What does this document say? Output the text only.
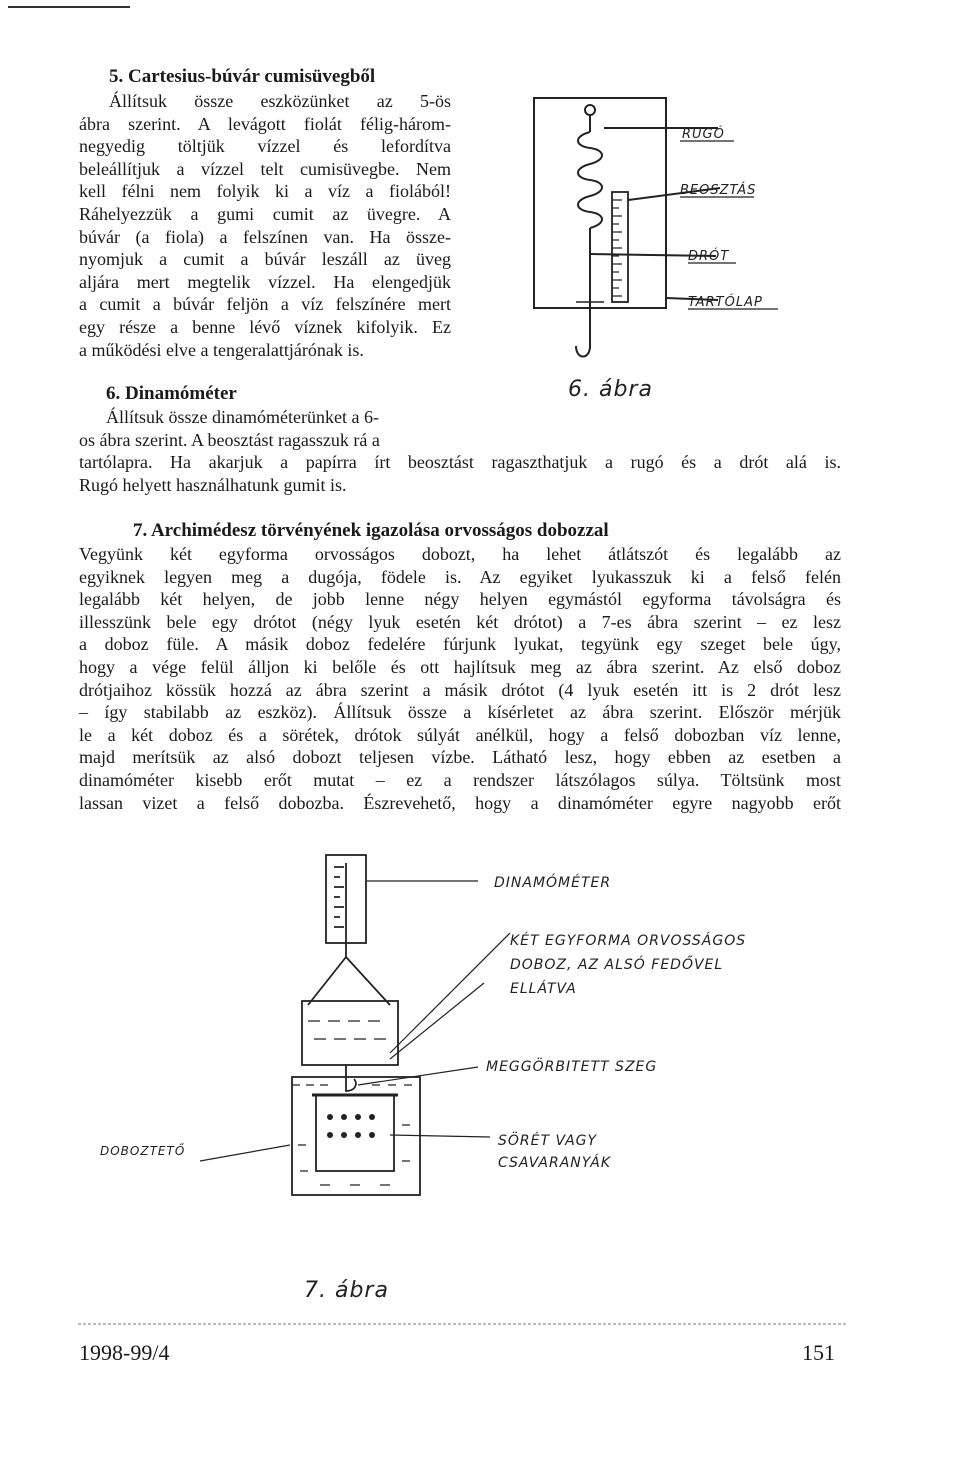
5. Cartesius-búvár cumisüvegből
Állítsuk össze eszközünket az 5-ös
ábra szerint. A levágott fiolát félig-három-
negyedig töltjük vízzel és lefordítva
beleállítjuk a vízzel telt cumisüvegbe. Nem
kell félni nem folyik ki a víz a fiolából!
Ráhelyezzük a gumi cumit az üvegre. A
búvár (a fiola) a felszínen van. Ha össze-
nyomjuk a cumit a búvár leszáll az üveg
aljára mert megtelik vízzel. Ha elengedjük
a cumit a búvár feljön a víz felszínére mert
egy része a benne lévő víznek kifolyik. Ez
a működési elve a tengeralattjárónak is.
RUGÓ
BEOSZTÁS
DRÓT
TARTÓLAP
6. ábra
6. Dinamóméter
Állítsuk össze dinamóméterünket a 6-
os ábra szerint. A beosztást ragasszuk rá a
tartólapra. Ha akarjuk a papírra írt beosztást ragaszthatjuk a rugó és a drót alá is.
Rugó helyett használhatunk gumit is.
7. Archimédesz törvényének igazolása orvosságos dobozzal
Vegyünk két egyforma orvosságos dobozt, ha lehet átlátszót és legalább az
egyiknek legyen meg a dugója, födele is. Az egyiket lyukasszuk ki a felső felén
legalább két helyen, de jobb lenne négy helyen egymástól egyforma távolságra és
illesszünk bele egy drótot (négy lyuk esetén két drótot) a 7-es ábra szerint – ez lesz
a doboz füle. A másik doboz fedelére fúrjunk lyukat, tegyünk egy szeget bele úgy,
hogy a vége felül álljon ki belőle és ott hajlítsuk meg az ábra szerint. Az első doboz
drótjaihoz kössük hozzá az ábra szerint a másik drótot (4 lyuk esetén itt is 2 drót lesz
– így stabilabb az eszköz). Állítsuk össze a kísérletet az ábra szerint. Először mérjük
le a két doboz és a sörétek, drótok súlyát anélkül, hogy a felső dobozban víz lenne,
majd merítsük az alsó dobozt teljesen vízbe. Látható lesz, hogy ebben az esetben a
dinamóméter kisebb erőt mutat – ez a rendszer látszólagos súlya. Töltsünk most
lassan vizet a felső dobozba. Észrevehető, hogy a dinamóméter egyre nagyobb erőt
DINAMÓMÉTER
KÉT EGYFORMA ORVOSSÁGOS
DOBOZ, AZ ALSÓ FEDŐVEL
ELLÁTVA
MEGGÖRBITETT SZEG
SÖRÉT VAGY
CSAVARANYÁK
DOBOZTETŐ
7. ábra
1998-99/4	151
